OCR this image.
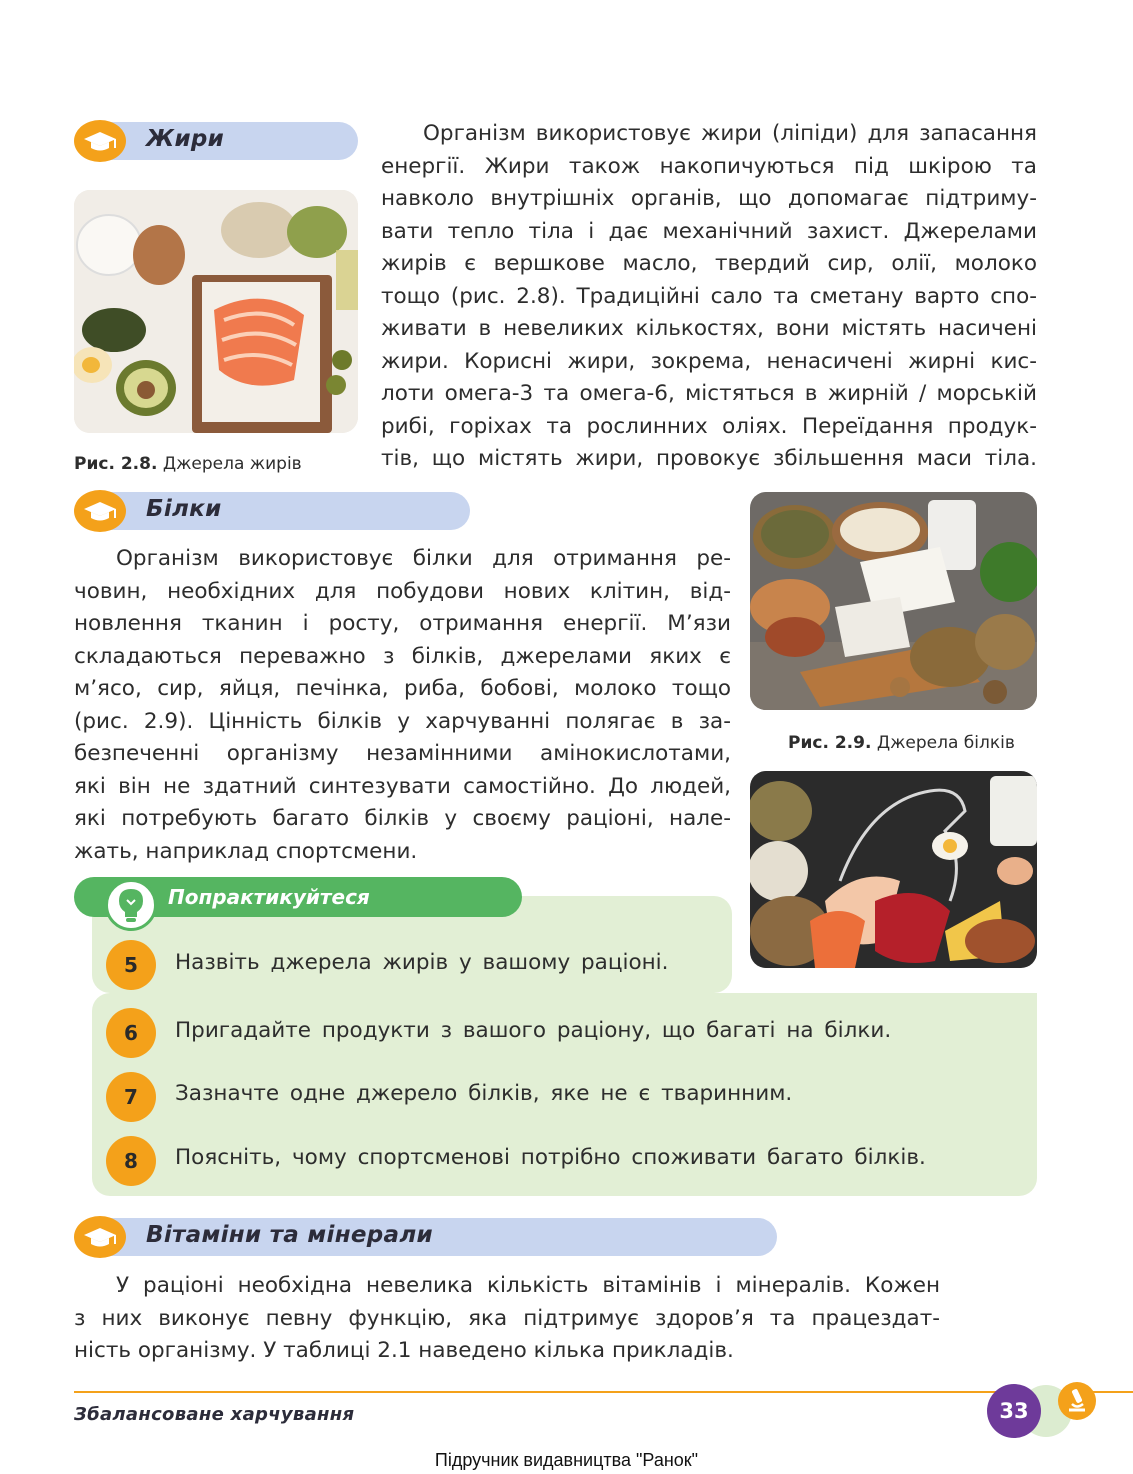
Жири
Рис. 2.8. Джерела жирів
Організм використовує жири (ліпіди) для запасання
енергії. Жири також накопичуються під шкірою та
навколо внутрішніх органів, що допомагає підтриму-
вати тепло тіла і дає механічний захист. Джерелами
жирів є вершкове масло, твердий сир, олії, молоко
тощо (рис. 2.8). Традиційні сало та сметану варто спо-
живати в невеликих кількостях, вони містять насичені
жири. Корисні жири, зокрема, ненасичені жирні кис-
лоти омега-3 та омега-6, містяться в жирній / морській
рибі, горіхах та рослинних оліях. Переїдання продук-
тів, що містять жири, провокує збільшення маси тіла.
Білки
Організм використовує білки для отримання ре-
човин, необхідних для побудови нових клітин, від-
новлення тканин і росту, отримання енергії. М’язи
складаються переважно з білків, джерелами яких є
м’ясо, сир, яйця, печінка, риба, бобові, молоко тощо
(рис. 2.9). Цінність білків у харчуванні полягає в за-
безпеченні організму незамінними амінокислотами,
які він не здатний синтезувати самостійно. До людей,
які потребують багато білків у своєму раціоні, нале-
жать, наприклад спортсмени.
Рис. 2.9. Джерела білків
Попрактикуйтеся
5 Назвіть джерела жирів у вашому раціоні.
6 Пригадайте продукти з вашого раціону, що багаті на білки.
7 Зазначте одне джерело білків, яке не є тваринним.
8 Поясніть, чому спортсменові потрібно споживати багато білків.
Вітаміни та мінерали
У раціоні необхідна невелика кількість вітамінів і мінералів. Кожен
з них виконує певну функцію, яка підтримує здоров’я та працездат-
ність організму. У таблиці 2.1 наведено кілька прикладів.
Збалансоване харчування	33
Підручник видавництва "Ранок"
